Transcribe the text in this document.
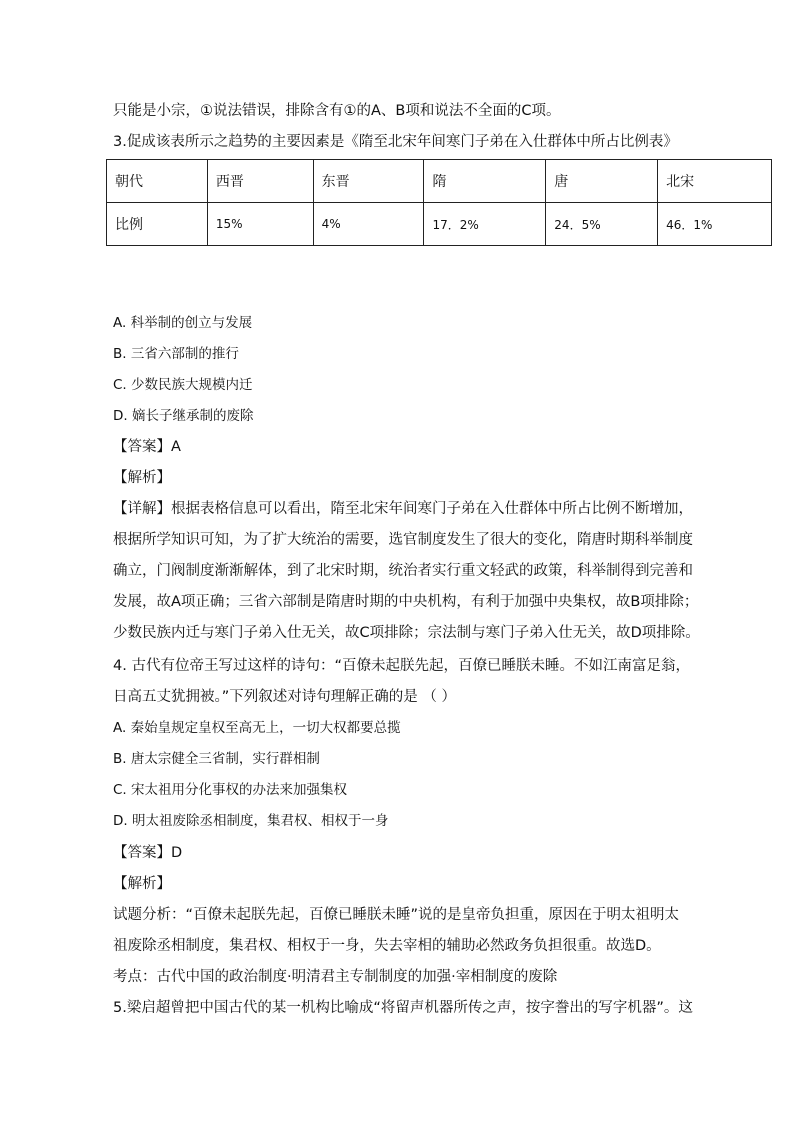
只能是小宗，①说法错误，排除含有①的A、B项和说法不全面的C项。
3.促成该表所示之趋势的主要因素是《隋至北宋年间寒门子弟在入仕群体中所占比例表》
朝代	西晋	东晋	隋	唐	北宋
比例	15%	4%	17．2%	24．5%	46．1%
A. 科举制的创立与发展
B. 三省六部制的推行
C. 少数民族大规模内迁
D. 嫡长子继承制的废除
【答案】A
【解析】
【详解】根据表格信息可以看出，隋至北宋年间寒门子弟在入仕群体中所占比例不断增加，
根据所学知识可知，为了扩大统治的需要，选官制度发生了很大的变化，隋唐时期科举制度
确立，门阀制度渐渐解体，到了北宋时期，统治者实行重文轻武的政策，科举制得到完善和
发展，故A项正确；三省六部制是隋唐时期的中央机构，有利于加强中央集权，故B项排除；
少数民族内迁与寒门子弟入仕无关，故C项排除；宗法制与寒门子弟入仕无关，故D项排除。
4. 古代有位帝王写过这样的诗句：“百僚未起朕先起，百僚已睡朕未睡。不如江南富足翁，
日高五丈犹拥被。”下列叙述对诗句理解正确的是 （ ）
A. 秦始皇规定皇权至高无上，一切大权都要总揽
B. 唐太宗健全三省制，实行群相制
C. 宋太祖用分化事权的办法来加强集权
D. 明太祖废除丞相制度，集君权、相权于一身
【答案】D
【解析】
试题分析：“百僚未起朕先起，百僚已睡朕未睡”说的是皇帝负担重，原因在于明太祖明太
祖废除丞相制度，集君权、相权于一身，失去宰相的辅助必然政务负担很重。故选D。
考点：古代中国的政治制度·明清君主专制制度的加强·宰相制度的废除
5.梁启超曾把中国古代的某一机构比喻成“将留声机器所传之声，按字誊出的写字机器”。这
